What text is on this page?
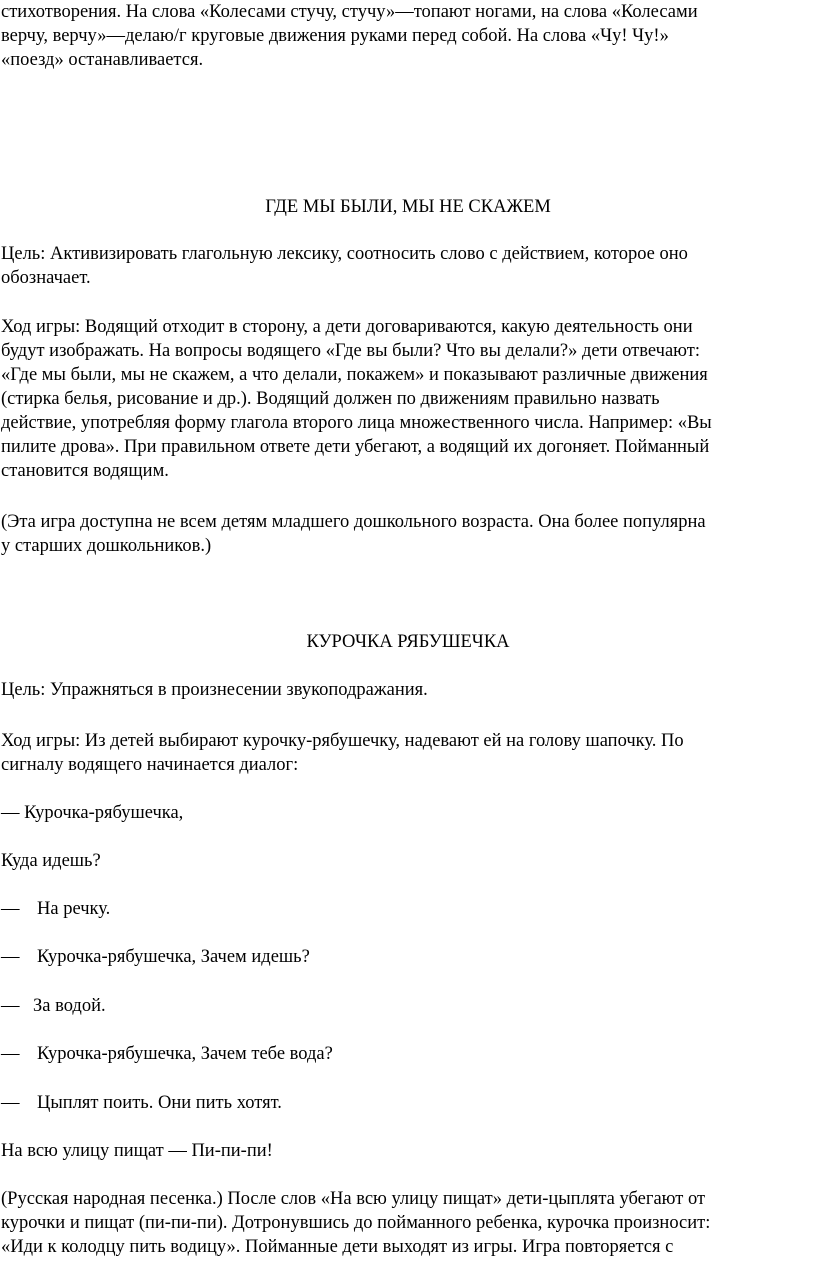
стихотворения. На слова «Колесами стучу, стучу»—топают ногами, на слова «Колесами
верчу, верчу»—делаю/г круговые движения руками перед собой. На слова «Чу! Чу!»
«поезд» останавливается.
ГДЕ МЫ БЫЛИ, МЫ НЕ СКАЖЕМ
Цель: Активизировать глагольную лексику, соотносить слово с действием, которое оно
обозначает.
Ход игры: Водящий отходит в сторону, а дети договариваются, какую деятельность они
будут изображать. На вопросы водящего «Где вы были? Что вы делали?» дети отвечают:
«Где мы были, мы не скажем, а что делали, покажем» и показывают различные движения
(стирка белья, рисование и др.). Водящий должен по движениям правильно назвать
действие, употребляя форму глагола второго лица множественного числа. Например: «Вы
пилите дрова». При правильном ответе дети убегают, а водящий их догоняет. Пойманный
становится водящим.
(Эта игра доступна не всем детям младшего дошкольного возраста. Она более популярна
у старших дошкольников.)
КУРОЧКА РЯБУШЕЧКА
Цель: Упражняться в произнесении звукоподражания.
Ход игры: Из детей выбирают курочку-рябушечку, надевают ей на голову шапочку. По
сигналу водящего начинается диалог:
— Курочка-рябушечка,
Куда идешь?
— На речку.
— Курочка-рябушечка, Зачем идешь?
— За водой.
— Курочка-рябушечка, Зачем тебе вода?
— Цыплят поить. Они пить хотят.
На всю улицу пищат — Пи-пи-пи!
(Русская народная песенка.) После слов «На всю улицу пищат» дети-цыплята убегают от
курочки и пищат (пи-пи-пи). Дотронувшись до пойманного ребенка, курочка произносит:
«Иди к колодцу пить водицу». Пойманные дети выходят из игры. Игра повторяется с
